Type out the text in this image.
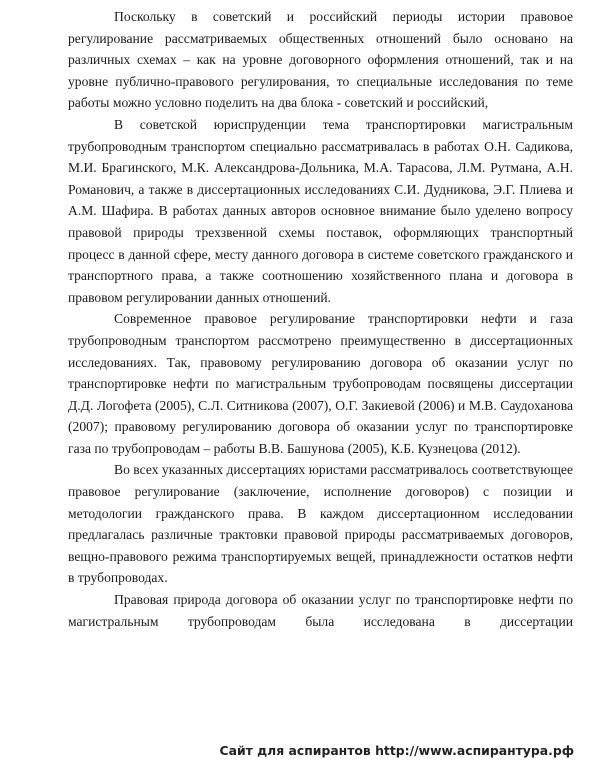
Поскольку в советский и российский периоды истории правовое регулирование рассматриваемых общественных отношений было основано на различных схемах – как на уровне договорного оформления отношений, так и на уровне публично-правового регулирования, то специальные исследования по теме работы можно условно поделить на два блока - советский и российский,

В советской юриспруденции тема транспортировки магистральным трубопроводным транспортом специально рассматривалась в работах О.Н. Садикова, М.И. Брагинского, М.К. Александрова-Дольника, М.А. Тарасова, Л.М. Рутмана, А.Н. Романович, а также в диссертационных исследованиях С.И. Дудникова, Э.Г. Плиева и А.М. Шафира. В работах данных авторов основное внимание было уделено вопросу правовой природы трехзвенной схемы поставок, оформляющих транспортный процесс в данной сфере, месту данного договора в системе советского гражданского и транспортного права, а также соотношению хозяйственного плана и договора в правовом регулировании данных отношений.

Современное правовое регулирование транспортировки нефти и газа трубопроводным транспортом рассмотрено преимущественно в диссертационных исследованиях. Так, правовому регулированию договора об оказании услуг по транспортировке нефти по магистральным трубопроводам посвящены диссертации Д.Д. Логофета (2005), С.Л. Ситникова (2007), О.Г. Закиевой (2006) и М.В. Саудоханова (2007); правовому регулированию договора об оказании услуг по транспортировке газа по трубопроводам – работы В.В. Башунова (2005), К.Б. Кузнецова (2012).

Во всех указанных диссертациях юристами рассматривалось соответствующее правовое регулирование (заключение, исполнение договоров) с позиции и методологии гражданского права. В каждом диссертационном исследовании предлагалась различные трактовки правовой природы рассматриваемых договоров, вещно-правового режима транспортируемых вещей, принадлежности остатков нефти в трубопроводах.

Правовая природа договора об оказании услуг по транспортировке нефти по магистральным трубопроводам была исследована в диссертации

Сайт для аспирантов http://www.аспирантура.рф
